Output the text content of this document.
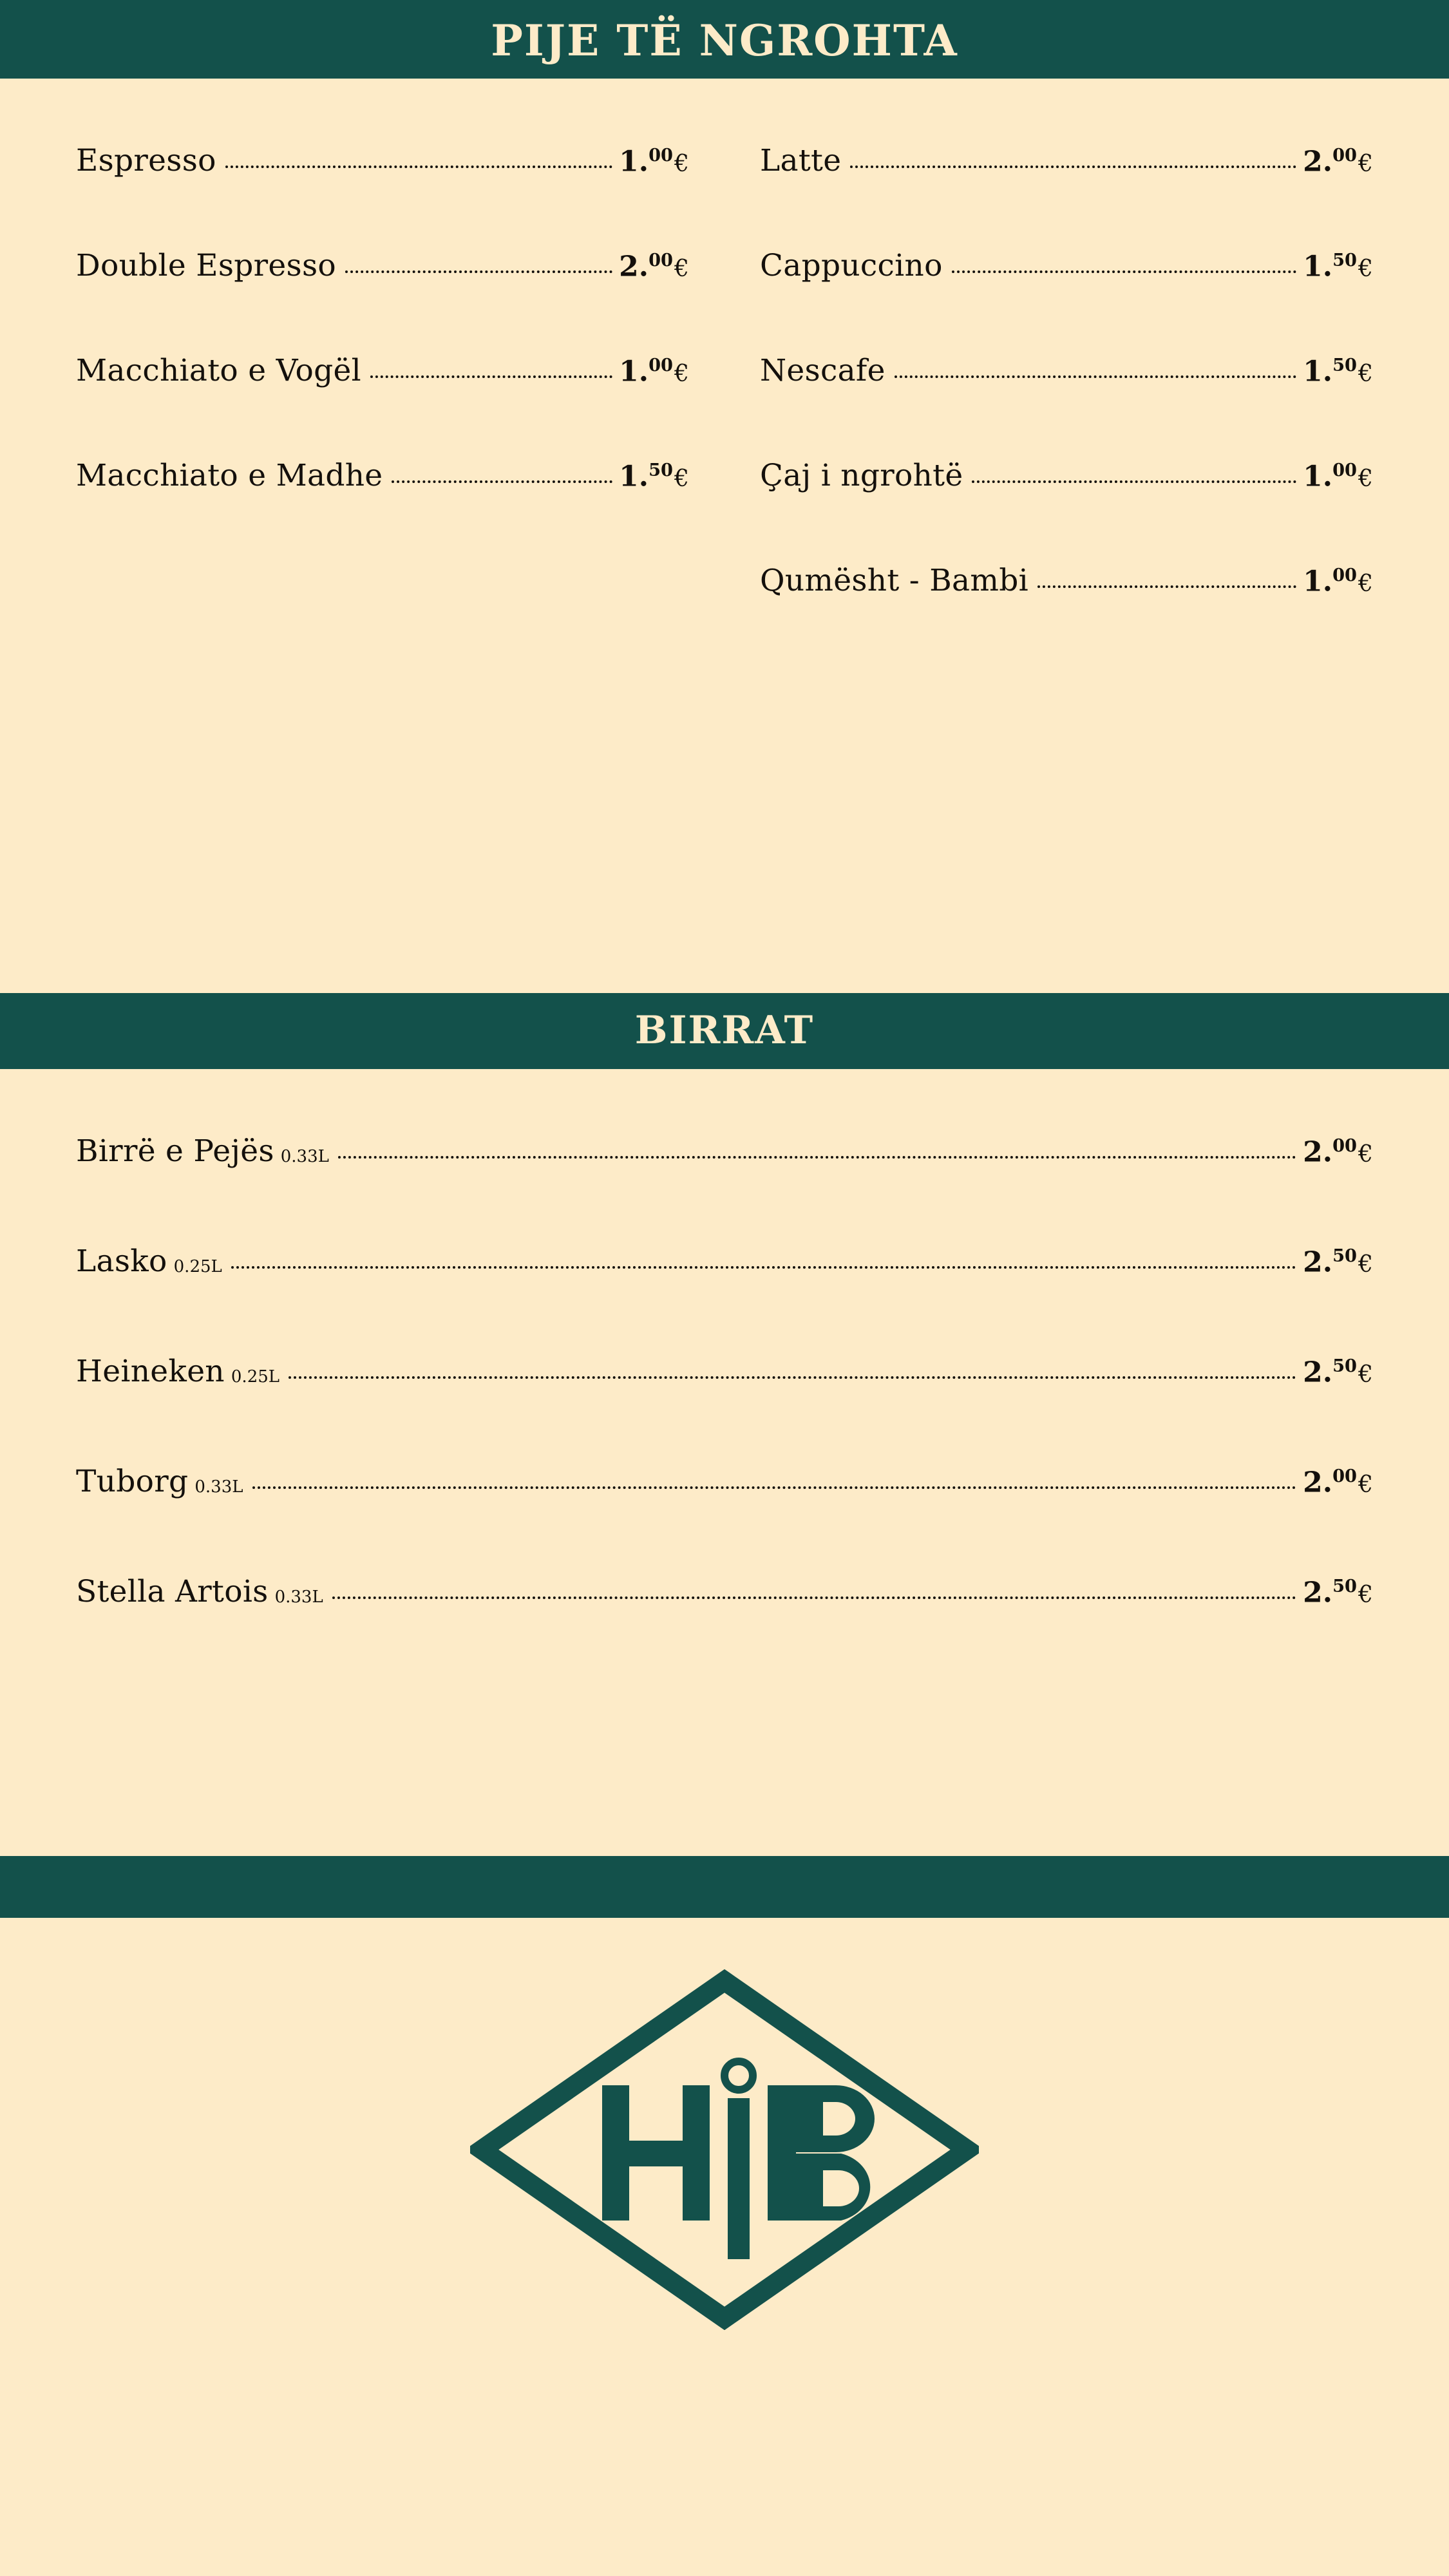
PIJE TË NGROHTA
Espresso	1.00€
Double Espresso	2.00€
Macchiato e Vogël	1.00€
Macchiato e Madhe	1.50€
Latte	2.00€
Cappuccino	1.50€
Nescafe	1.50€
Çaj i ngrohtë	1.00€
Qumësht - Bambi	1.00€
BIRRAT
Birrë e Pejës 0.33L	2.00€
Lasko 0.25L	2.50€
Heineken 0.25L	2.50€
Tuborg 0.33L	2.00€
Stella Artois 0.33L	2.50€
